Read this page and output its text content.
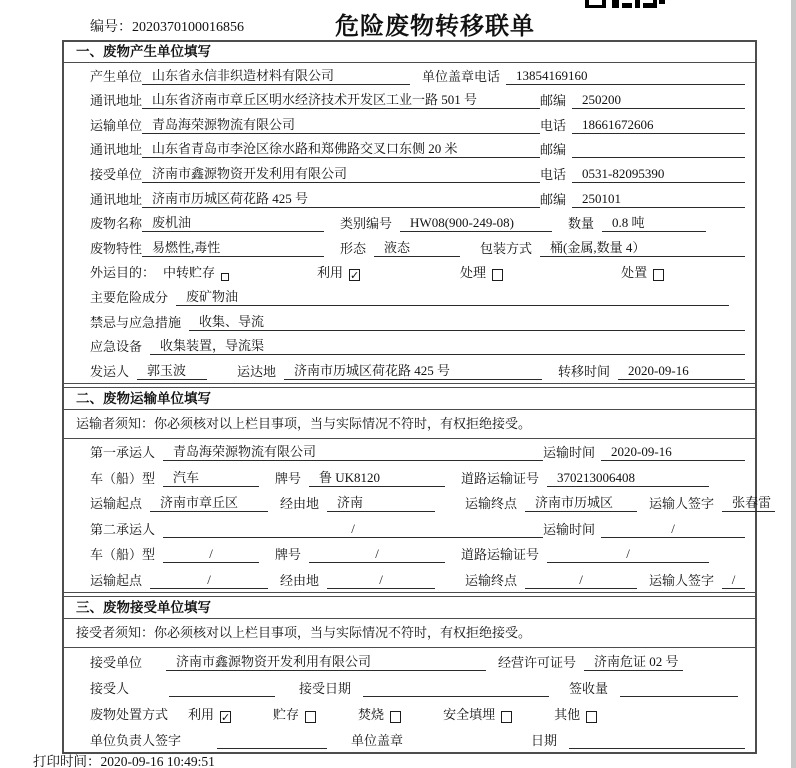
编号：2020370100016856	危险废物转移联单
一、废物产生单位填写
产生单位 山东省永信非织造材料有限公司	单位盖章 电话	13854169160
通讯地址 山东省济南市章丘区明水经济技术开发区工业一路 501 号	邮编	250200
运输单位 青岛海荣源物流有限公司	电话	18661672606
通讯地址 山东省青岛市李沧区徐水路和郑佛路交叉口东侧 20 米	邮编
接受单位 济南市鑫源物资开发利用有限公司	电话	0531-82095390
通讯地址 济南市历城区荷花路 425 号	邮编	250101
废物名称 废机油	类别编号	HW08(900-249-08)	数量	0.8 吨
废物特性 易燃性,毒性	形态	液态	包装方式	桶(金属,数量 4）
外运目的： 中转贮存	利用 ✓	处理	处置
主要危险成分	废矿物油
禁忌与应急措施	收集、导流
应急设备	收集装置，导流渠
发运人	郭玉波	运达地	济南市历城区荷花路 425 号	转移时间	2020-09-16
二、废物运输单位填写
运输者须知：你必须核对以上栏目事项，当与实际情况不符时，有权拒绝接受。
第一承运人	青岛海荣源物流有限公司	运输时间	2020-09-16
车（船）型	汽车	牌号	鲁 UK8120	道路运输证号	370213006408
运输起点	济南市章丘区	经由地	济南	运输终点	济南市历城区	运输人签字	张春雷
第二承运人	/	运输时间	/
车（船）型	/	牌号	/	道路运输证号	/
运输起点	/	经由地	/	运输终点	/	运输人签字	/
三、废物接受单位填写
接受者须知：你必须核对以上栏目事项，当与实际情况不符时，有权拒绝接受。
接受单位	济南市鑫源物资开发利用有限公司	经营许可证号	济南危证 02 号
接受人	接受日期	签收量
废物处置方式 利用 ✓	贮存	焚烧	安全填埋	其他
单位负责人签字	单位盖章	日期
打印时间：2020-09-16 10:49:51
